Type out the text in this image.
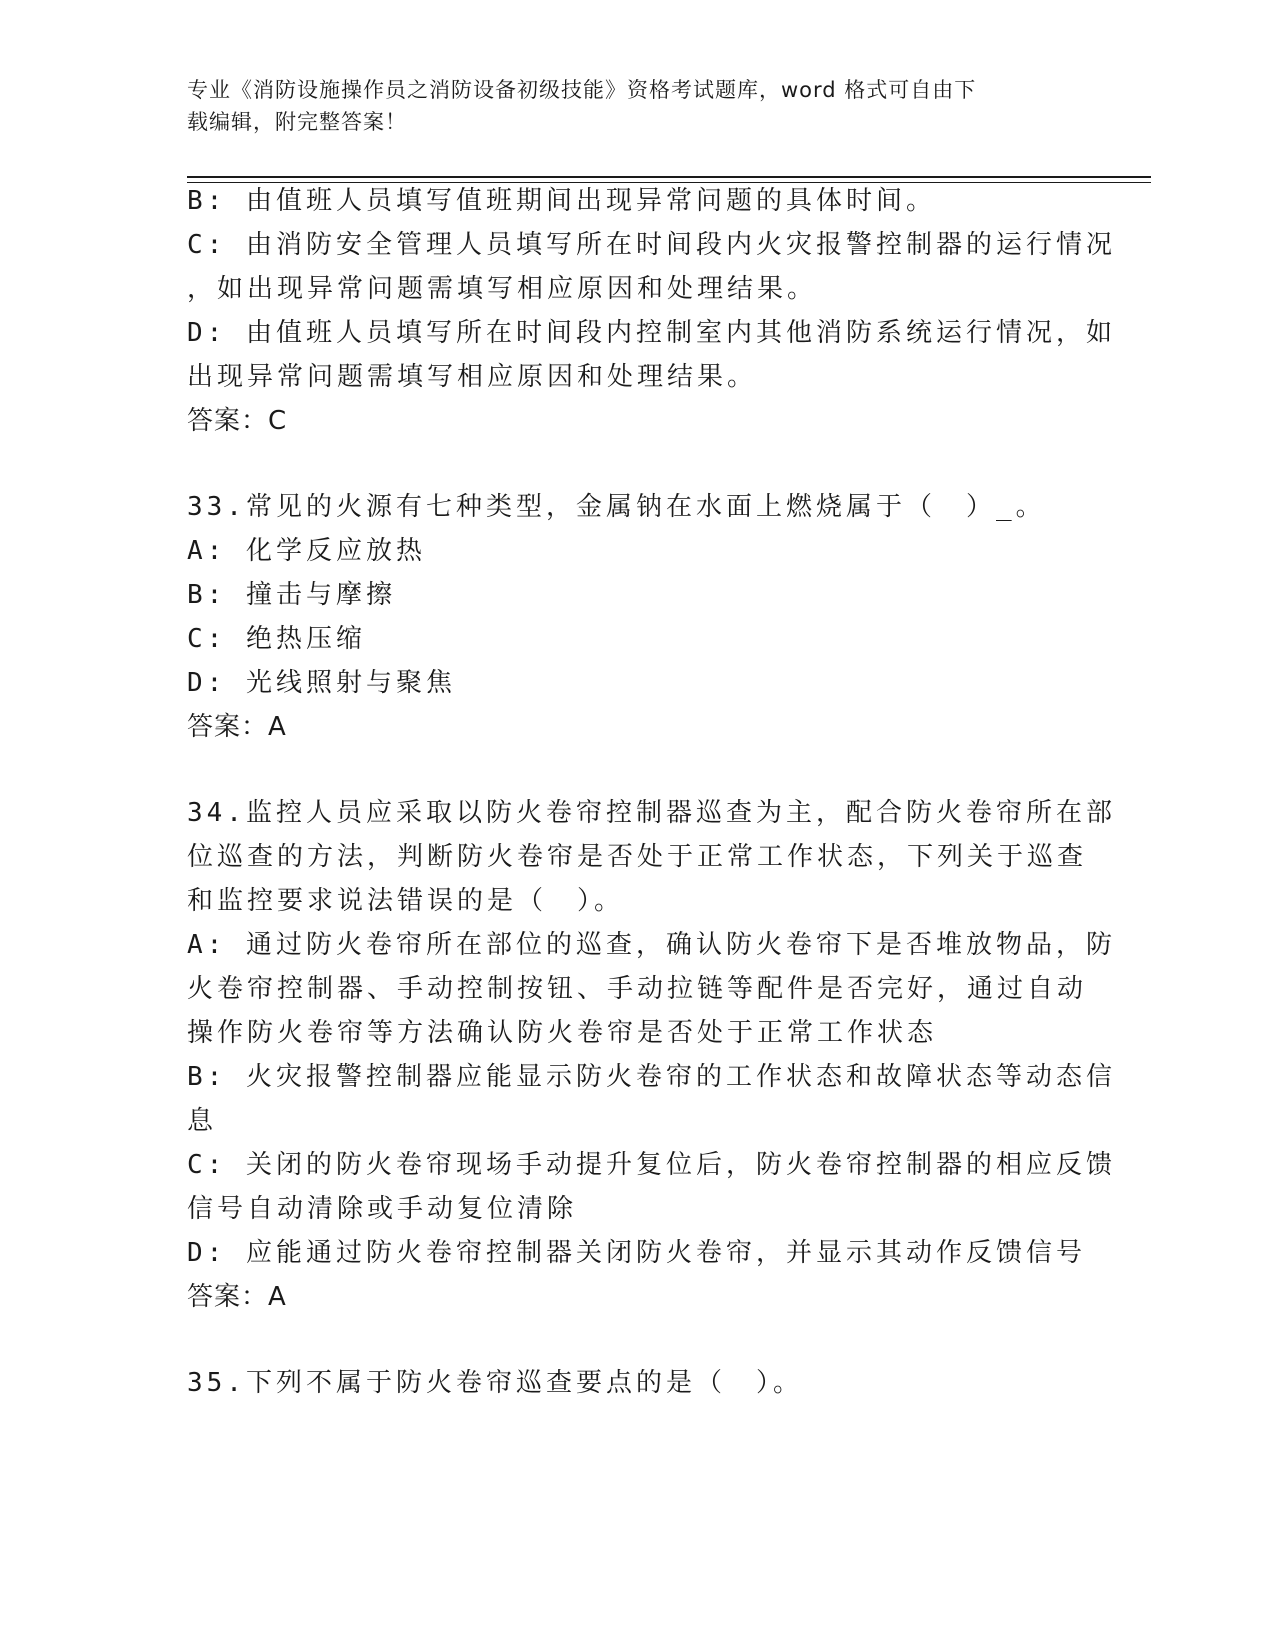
专业《消防设施操作员之消防设备初级技能》资格考试题库，word 格式可自由下
载编辑，附完整答案！
B: 由值班人员填写值班期间出现异常问题的具体时间。
C: 由消防安全管理人员填写所在时间段内火灾报警控制器的运行情况
，如出现异常问题需填写相应原因和处理结果。
D: 由值班人员填写所在时间段内控制室内其他消防系统运行情况，如
出现异常问题需填写相应原因和处理结果。
答案：C
33.常见的火源有七种类型，金属钠在水面上燃烧属于（　）_。
A: 化学反应放热
B: 撞击与摩擦
C: 绝热压缩
D: 光线照射与聚焦
答案：A
34.监控人员应采取以防火卷帘控制器巡查为主，配合防火卷帘所在部
位巡查的方法，判断防火卷帘是否处于正常工作状态，下列关于巡查
和监控要求说法错误的是（　）。
A: 通过防火卷帘所在部位的巡查，确认防火卷帘下是否堆放物品，防
火卷帘控制器、手动控制按钮、手动拉链等配件是否完好，通过自动
操作防火卷帘等方法确认防火卷帘是否处于正常工作状态
B: 火灾报警控制器应能显示防火卷帘的工作状态和故障状态等动态信
息
C: 关闭的防火卷帘现场手动提升复位后，防火卷帘控制器的相应反馈
信号自动清除或手动复位清除
D: 应能通过防火卷帘控制器关闭防火卷帘，并显示其动作反馈信号
答案：A
35.下列不属于防火卷帘巡查要点的是（　）。
